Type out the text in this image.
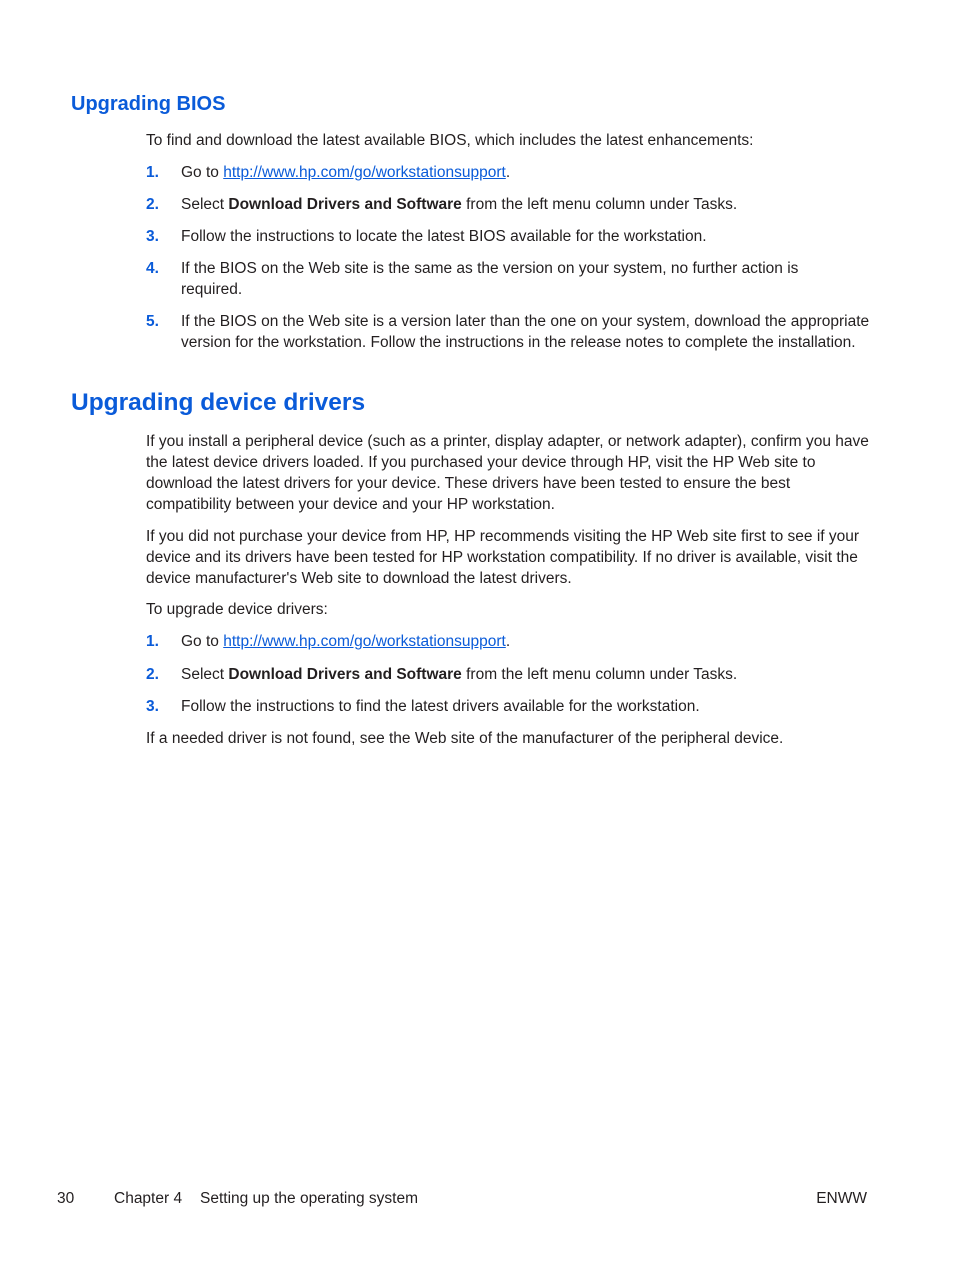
Upgrading BIOS

To find and download the latest available BIOS, which includes the latest enhancements:

1. Go to http://www.hp.com/go/workstationsupport.

2. Select Download Drivers and Software from the left menu column under Tasks.

3. Follow the instructions to locate the latest BIOS available for the workstation.

4. If the BIOS on the Web site is the same as the version on your system, no further action is required.

5. If the BIOS on the Web site is a version later than the one on your system, download the appropriate version for the workstation. Follow the instructions in the release notes to complete the installation.

Upgrading device drivers

If you install a peripheral device (such as a printer, display adapter, or network adapter), confirm you have the latest device drivers loaded. If you purchased your device through HP, visit the HP Web site to download the latest drivers for your device. These drivers have been tested to ensure the best compatibility between your device and your HP workstation.

If you did not purchase your device from HP, HP recommends visiting the HP Web site first to see if your device and its drivers have been tested for HP workstation compatibility. If no driver is available, visit the device manufacturer's Web site to download the latest drivers.

To upgrade device drivers:

1. Go to http://www.hp.com/go/workstationsupport.

2. Select Download Drivers and Software from the left menu column under Tasks.

3. Follow the instructions to find the latest drivers available for the workstation.

If a needed driver is not found, see the Web site of the manufacturer of the peripheral device.

30	Chapter 4 Setting up the operating system	ENWW
